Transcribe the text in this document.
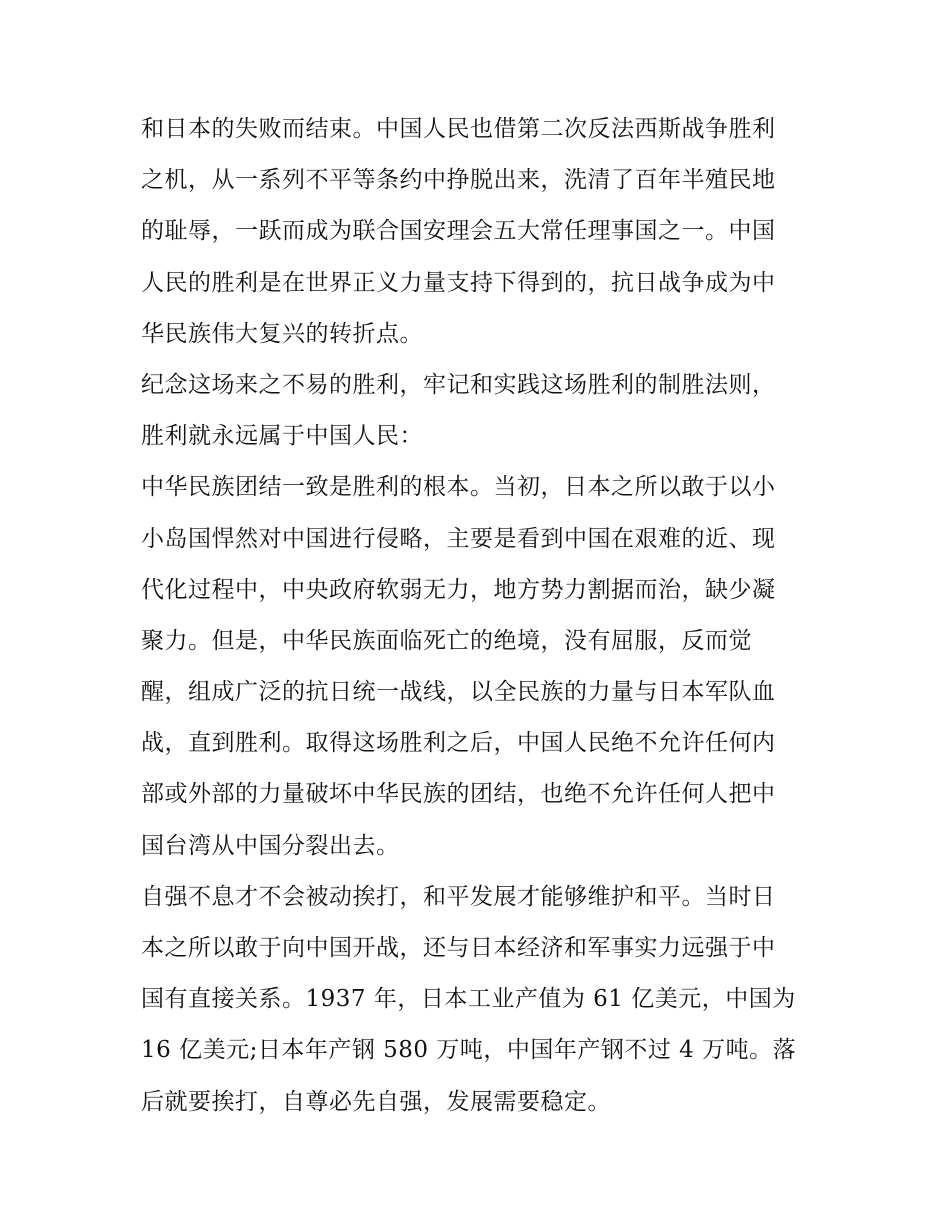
和日本的失败而结束。中国人民也借第二次反法西斯战争胜利
之机，从一系列不平等条约中挣脱出来，洗清了百年半殖民地
的耻辱，一跃而成为联合国安理会五大常任理事国之一。中国
人民的胜利是在世界正义力量支持下得到的，抗日战争成为中
华民族伟大复兴的转折点。
纪念这场来之不易的胜利，牢记和实践这场胜利的制胜法则，
胜利就永远属于中国人民：
中华民族团结一致是胜利的根本。当初，日本之所以敢于以小
小岛国悍然对中国进行侵略，主要是看到中国在艰难的近、现
代化过程中，中央政府软弱无力，地方势力割据而治，缺少凝
聚力。但是，中华民族面临死亡的绝境，没有屈服，反而觉
醒，组成广泛的抗日统一战线，以全民族的力量与日本军队血
战，直到胜利。取得这场胜利之后，中国人民绝不允许任何内
部或外部的力量破坏中华民族的团结，也绝不允许任何人把中
国台湾从中国分裂出去。
自强不息才不会被动挨打，和平发展才能够维护和平。当时日
本之所以敢于向中国开战，还与日本经济和军事实力远强于中
国有直接关系。1937 年，日本工业产值为 61 亿美元，中国为
16 亿美元;日本年产钢 580 万吨，中国年产钢不过 4 万吨。落
后就要挨打，自尊必先自强，发展需要稳定。
